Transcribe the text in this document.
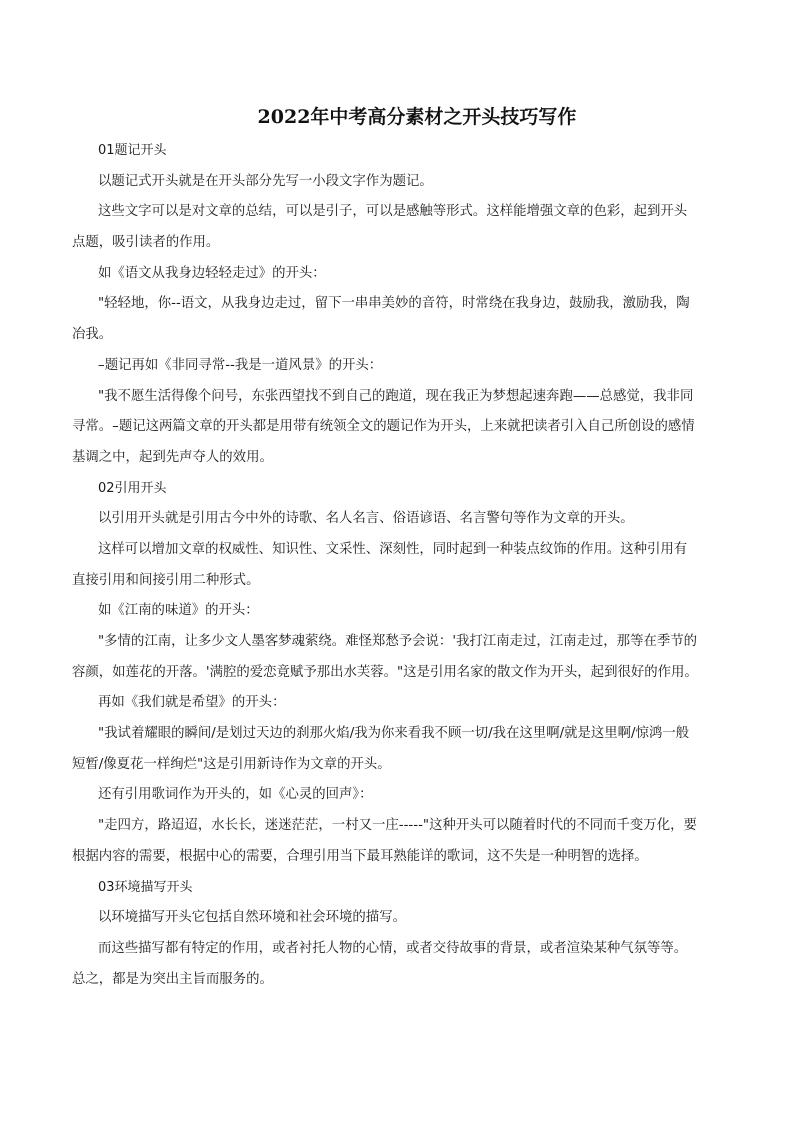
2022年中考高分素材之开头技巧写作
01题记开头
以题记式开头就是在开头部分先写一小段文字作为题记。
这些文字可以是对文章的总结，可以是引子，可以是感触等形式。这样能增强文章的色彩，起到开头
点题，吸引读者的作用。
如《语文从我身边轻轻走过》的开头：
"轻轻地，你--语文，从我身边走过，留下一串串美妙的音符，时常绕在我身边，鼓励我，激励我，陶
冶我。
–题记再如《非同寻常--我是一道风景》的开头：
"我不愿生活得像个问号，东张西望找不到自己的跑道，现在我正为梦想起速奔跑——总感觉，我非同
寻常。–题记这两篇文章的开头都是用带有统领全文的题记作为开头，上来就把读者引入自己所创设的感情
基调之中，起到先声夺人的效用。
02引用开头
以引用开头就是引用古今中外的诗歌、名人名言、俗语谚语、名言警句等作为文章的开头。
这样可以增加文章的权威性、知识性、文采性、深刻性，同时起到一种装点纹饰的作用。这种引用有
直接引用和间接引用二种形式。
如《江南的味道》的开头：
"多情的江南，让多少文人墨客梦魂萦绕。难怪郑愁予会说：'我打江南走过，江南走过，那等在季节的
容颜，如莲花的开落。'满腔的爱恋竟赋予那出水芙蓉。"这是引用名家的散文作为开头，起到很好的作用。
再如《我们就是希望》的开头：
"我试着耀眼的瞬间/是划过天边的刹那火焰/我为你来看我不顾一切/我在这里啊/就是这里啊/惊鸿一般
短暂/像夏花一样绚烂"这是引用新诗作为文章的开头。
还有引用歌词作为开头的，如《心灵的回声》：
"走四方，路迢迢，水长长，迷迷茫茫，一村又一庄-----"这种开头可以随着时代的不同而千变万化，要
根据内容的需要，根据中心的需要，合理引用当下最耳熟能详的歌词，这不失是一种明智的选择。
03环境描写开头
以环境描写开头它包括自然环境和社会环境的描写。
而这些描写都有特定的作用，或者衬托人物的心情，或者交待故事的背景，或者渲染某种气氛等等。
总之，都是为突出主旨而服务的。
